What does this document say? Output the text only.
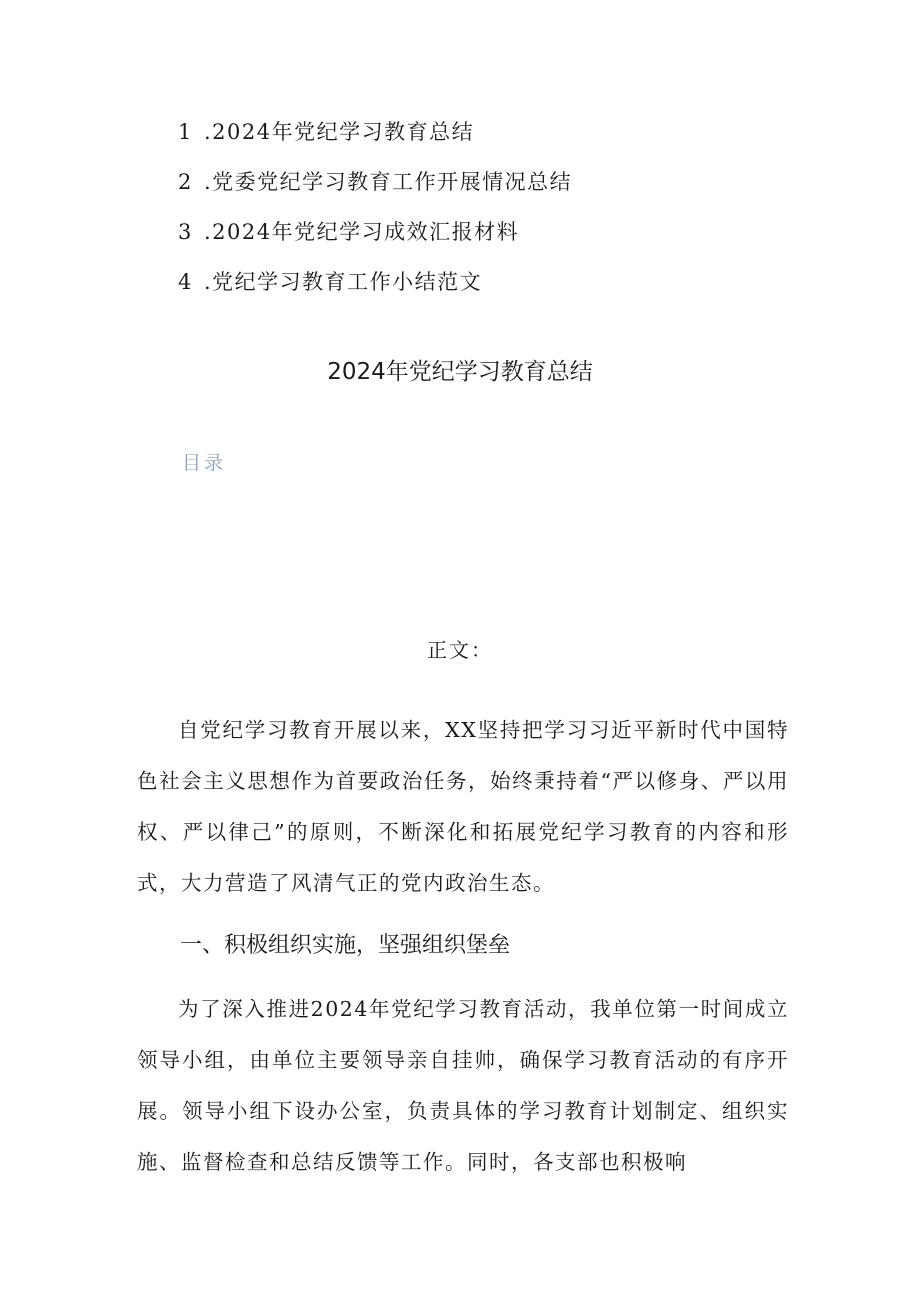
1 .2024年党纪学习教育总结
2 .党委党纪学习教育工作开展情况总结
3 .2024年党纪学习成效汇报材料
4 .党纪学习教育工作小结范文
2024年党纪学习教育总结
目录
正文：

自党纪学习教育开展以来，XX坚持把学习习近平新时代中国特色社会主义思想作为首要政治任务，始终秉持着“严以修身、严以用权、严以律己”的原则，不断深化和拓展党纪学习教育的内容和形式，大力营造了风清气正的党内政治生态。

一、积极组织实施，坚强组织堡垒

为了深入推进2024年党纪学习教育活动，我单位第一时间成立领导小组，由单位主要领导亲自挂帅，确保学习教育活动的有序开展。领导小组下设办公室，负责具体的学习教育计划制定、组织实施、监督检查和总结反馈等工作。同时，各支部也积极响
